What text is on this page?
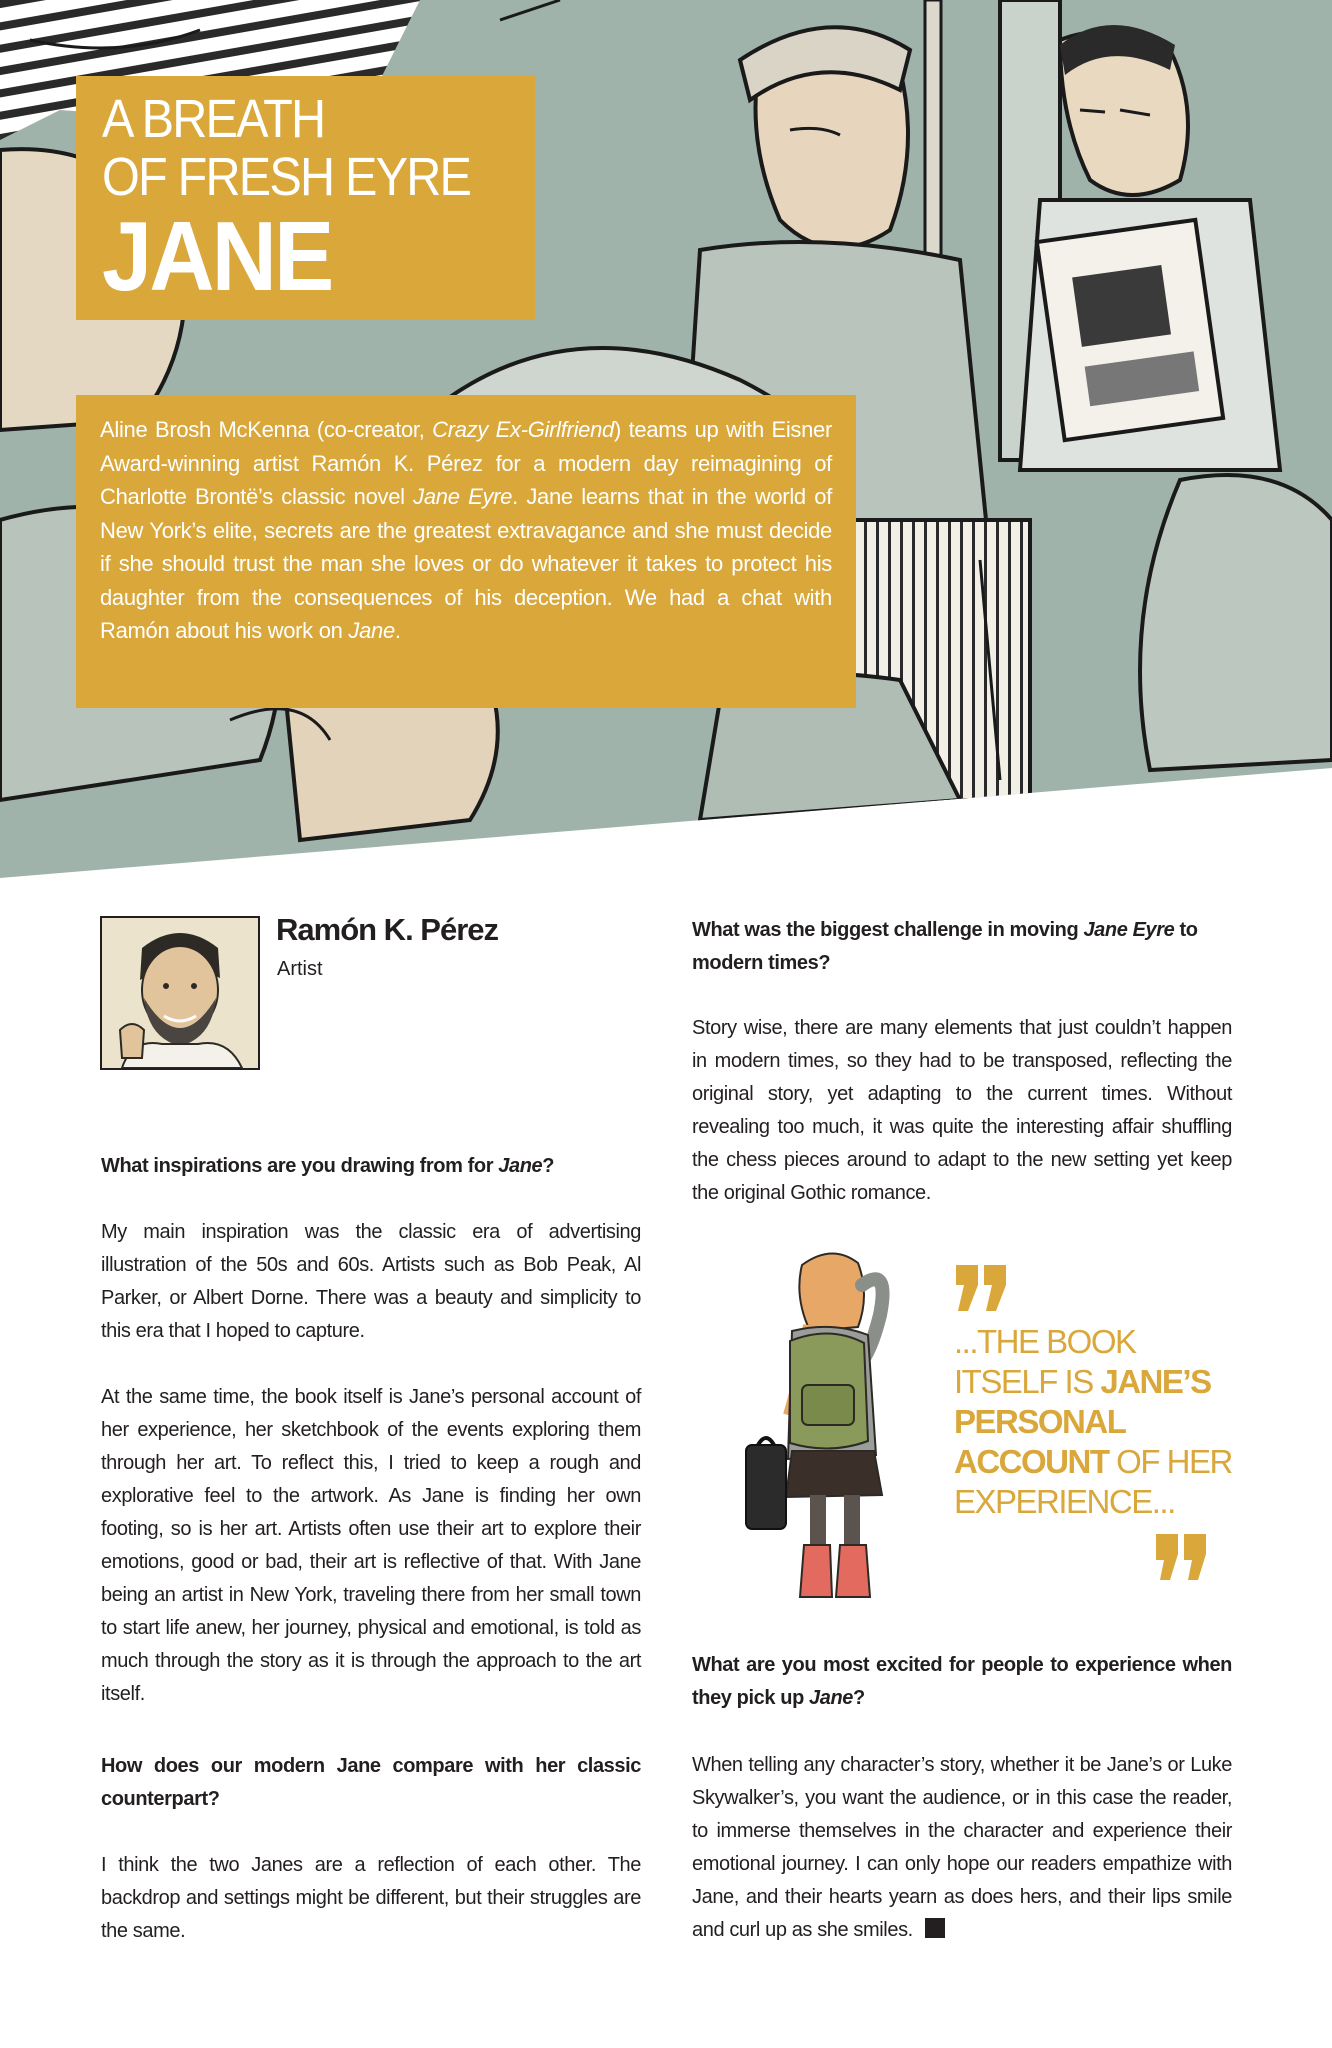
A BREATH
OF FRESH EYRE
JANE
Aline Brosh McKenna (co-creator, Crazy Ex-Girlfriend) teams up with Eisner Award-winning artist Ramón K. Pérez for a modern day reimagining of Charlotte Brontë’s classic novel Jane Eyre. Jane learns that in the world of New York’s elite, secrets are the greatest extravagance and she must decide if she should trust the man she loves or do whatever it takes to protect his daughter from the consequences of his deception. We had a chat with Ramón about his work on Jane.
Ramón K. Pérez
Artist

What inspirations are you drawing from for Jane?

My main inspiration was the classic era of advertising illustration of the 50s and 60s. Artists such as Bob Peak, Al Parker, or Albert Dorne. There was a beauty and simplicity to this era that I hoped to capture.
At the same time, the book itself is Jane’s personal account of her experience, her sketchbook of the events exploring them through her art. To reflect this, I tried to keep a rough and explorative feel to the artwork. As Jane is finding her own footing, so is her art. Artists often use their art to explore their emotions, good or bad, their art is reflective of that. With Jane being an artist in New York, traveling there from her small town to start life anew, her journey, physical and emotional, is told as much through the story as it is through the approach to the art itself.
How does our modern Jane compare with her classic counterpart?
I think the two Janes are a reflection of each other. The backdrop and settings might be different, but their struggles are the same.
What was the biggest challenge in moving Jane Eyre to modern times?
Story wise, there are many elements that just couldn’t happen in modern times, so they had to be transposed, reflecting the original story, yet adapting to the current times. Without revealing too much, it was quite the interesting affair shuffling the chess pieces around to adapt to the new setting yet keep the original Gothic romance.
...THE BOOK ITSELF IS JANE’S PERSONAL ACCOUNT OF HER EXPERIENCE...
What are you most excited for people to experience when they pick up Jane?
When telling any character’s story, whether it be Jane’s or Luke Skywalker’s, you want the audience, or in this case the reader, to immerse themselves in the character and experience their emotional journey. I can only hope our readers empathize with Jane, and their hearts yearn as does hers, and their lips smile and curl up as she smiles.
